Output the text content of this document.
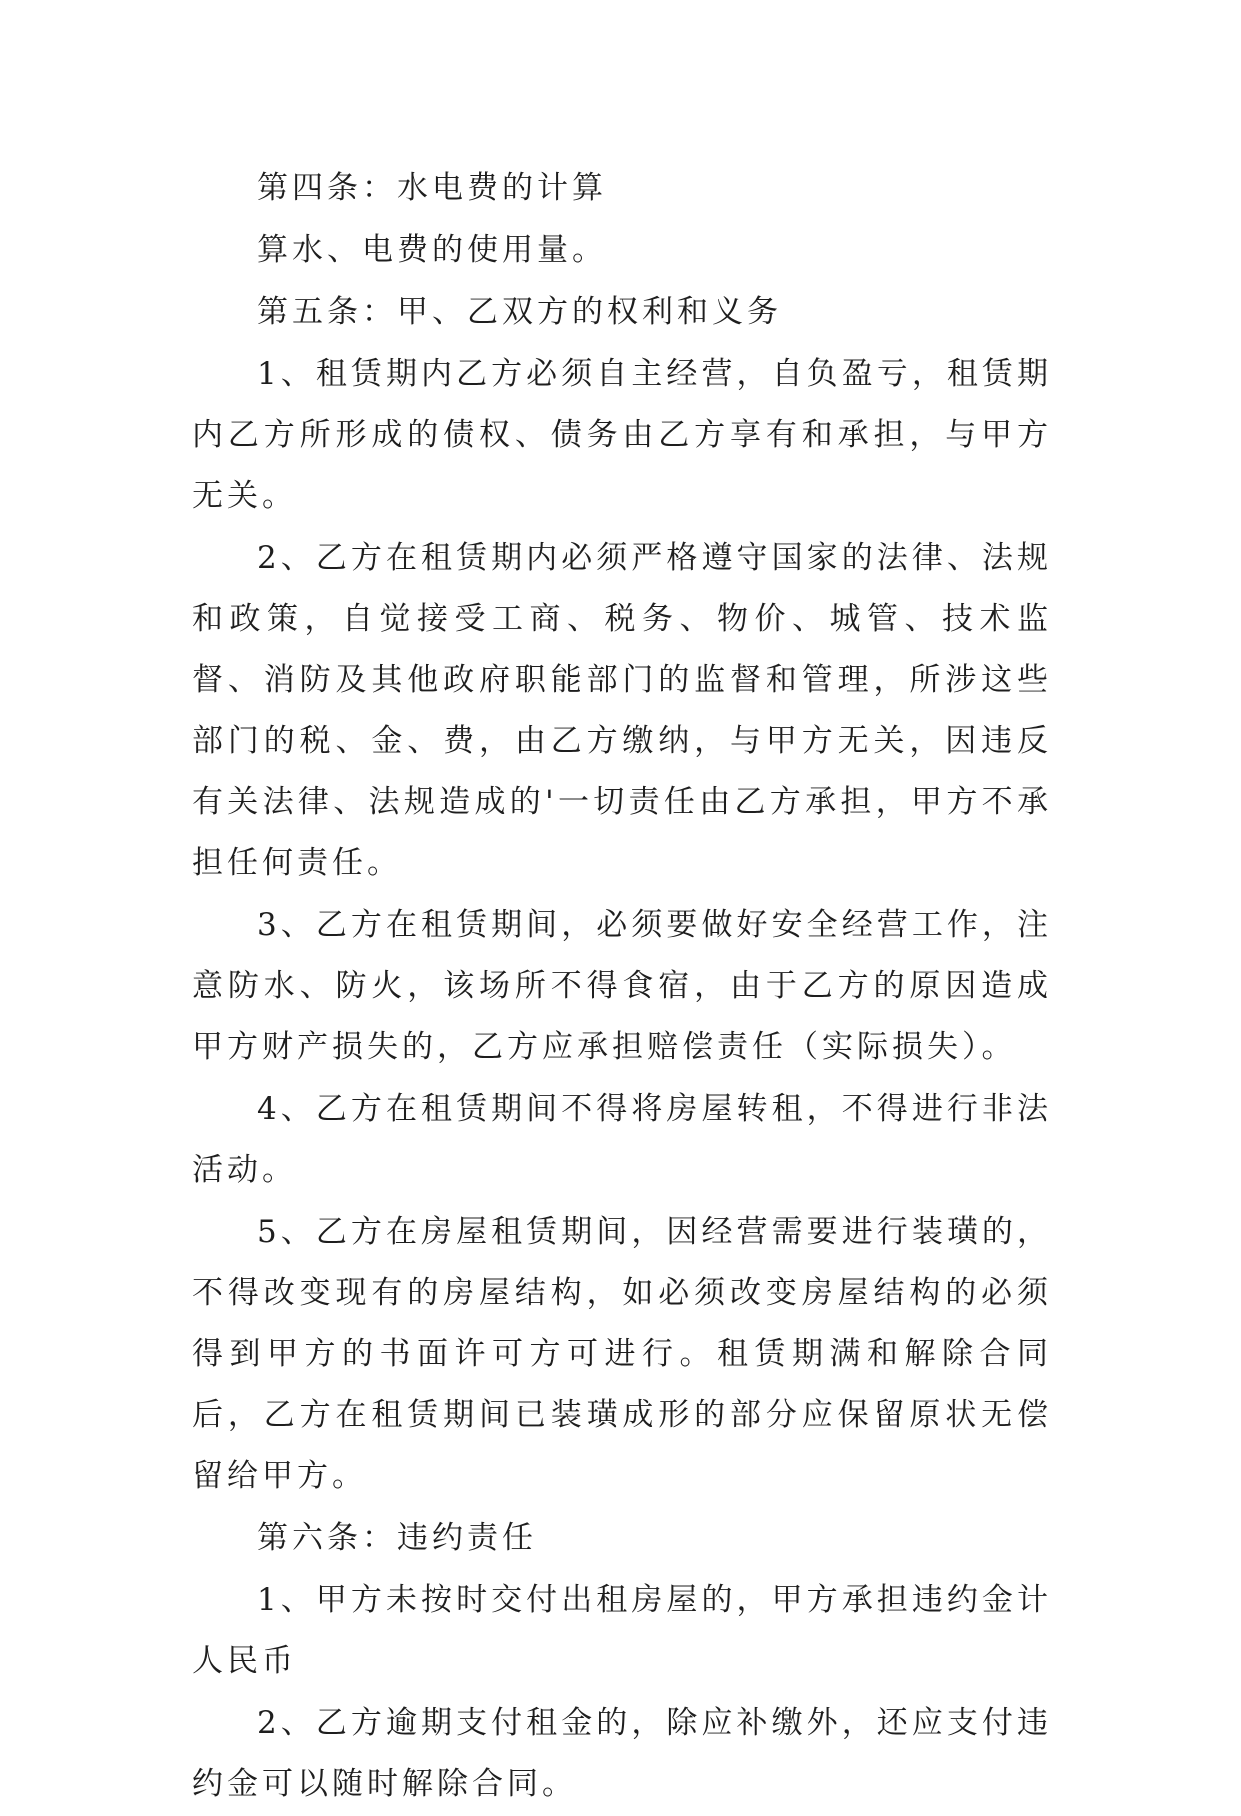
第四条：水电费的计算

算水、电费的使用量。

第五条：甲、乙双方的权利和义务

1、租赁期内乙方必须自主经营，自负盈亏，租赁期内乙方所形成的债权、债务由乙方享有和承担，与甲方无关。

2、乙方在租赁期内必须严格遵守国家的法律、法规和政策，自觉接受工商、税务、物价、城管、技术监督、消防及其他政府职能部门的监督和管理，所涉这些部门的税、金、费，由乙方缴纳，与甲方无关，因违反有关法律、法规造成的'一切责任由乙方承担，甲方不承担任何责任。

3、乙方在租赁期间，必须要做好安全经营工作，注意防水、防火，该场所不得食宿，由于乙方的原因造成甲方财产损失的，乙方应承担赔偿责任（实际损失）。

4、乙方在租赁期间不得将房屋转租，不得进行非法活动。

5、乙方在房屋租赁期间，因经营需要进行装璜的，不得改变现有的房屋结构，如必须改变房屋结构的必须得到甲方的书面许可方可进行。租赁期满和解除合同后，乙方在租赁期间已装璜成形的部分应保留原状无偿留给甲方。

第六条：违约责任

1、甲方未按时交付出租房屋的，甲方承担违约金计人民币

2、乙方逾期支付租金的，除应补缴外，还应支付违约金可以随时解除合同。
